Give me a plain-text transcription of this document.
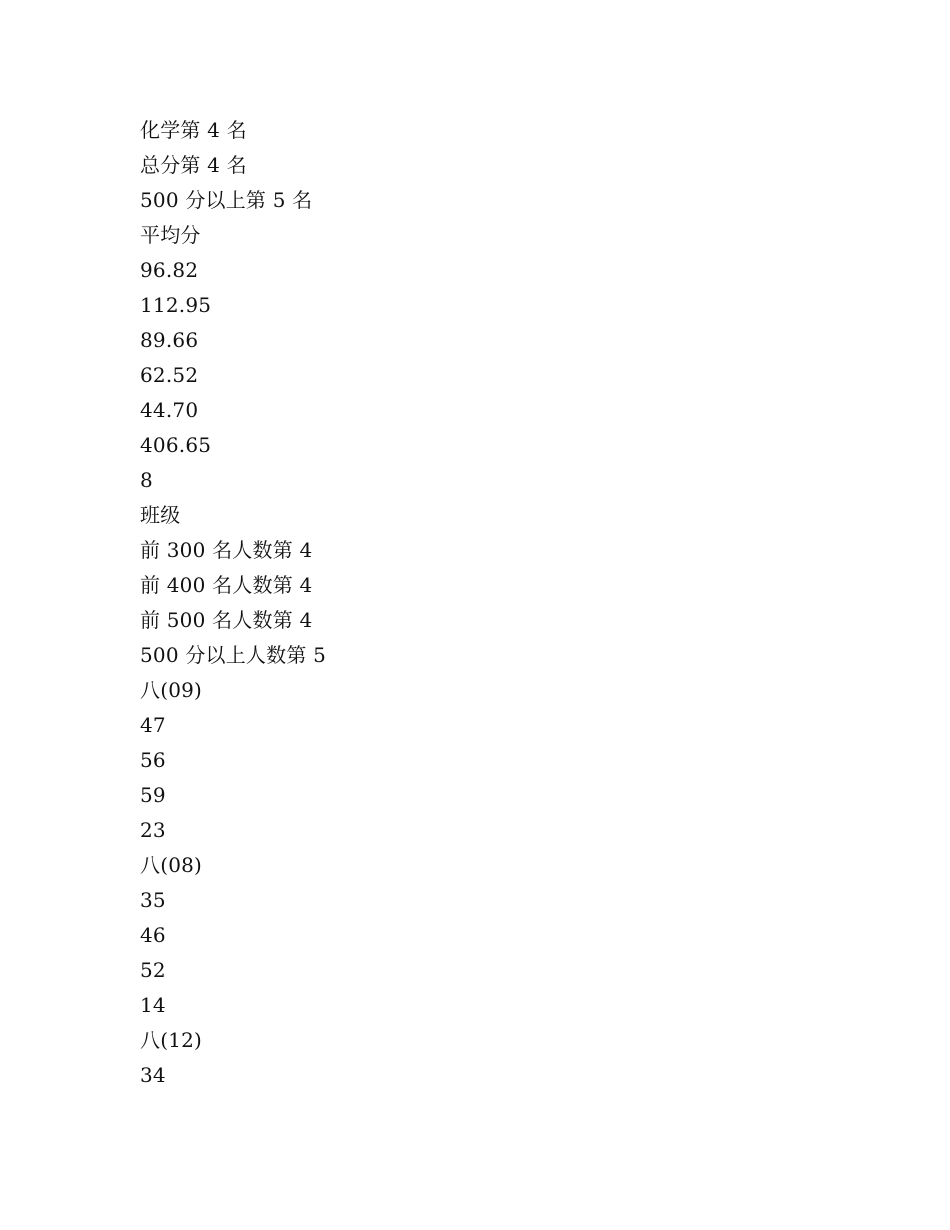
化学第 4 名
总分第 4 名
500 分以上第 5 名
平均分
96.82
112.95
89.66
62.52
44.70
406.65
8
班级
前 300 名人数第 4
前 400 名人数第 4
前 500 名人数第 4
500 分以上人数第 5
八(09)
47
56
59
23
八(08)
35
46
52
14
八(12)
34
